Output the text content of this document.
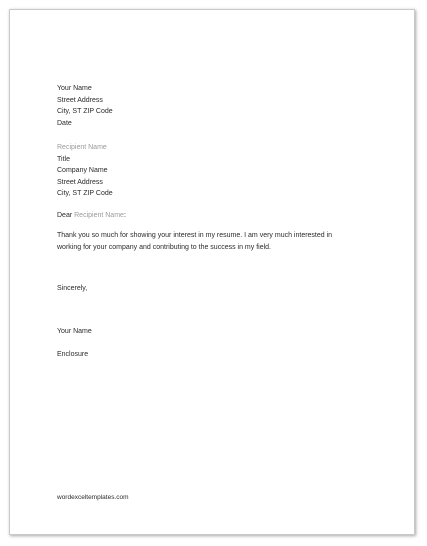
Your Name
Street Address
City, ST ZIP Code
Date
Recipient Name
Title
Company Name
Street Address
City, ST ZIP Code
Dear Recipient Name:
Thank you so much for showing your interest in my resume. I am very much interested in
working for your company and contributing to the success in my field.
Sincerely,
Your Name
Enclosure
wordexceltemplates.com
